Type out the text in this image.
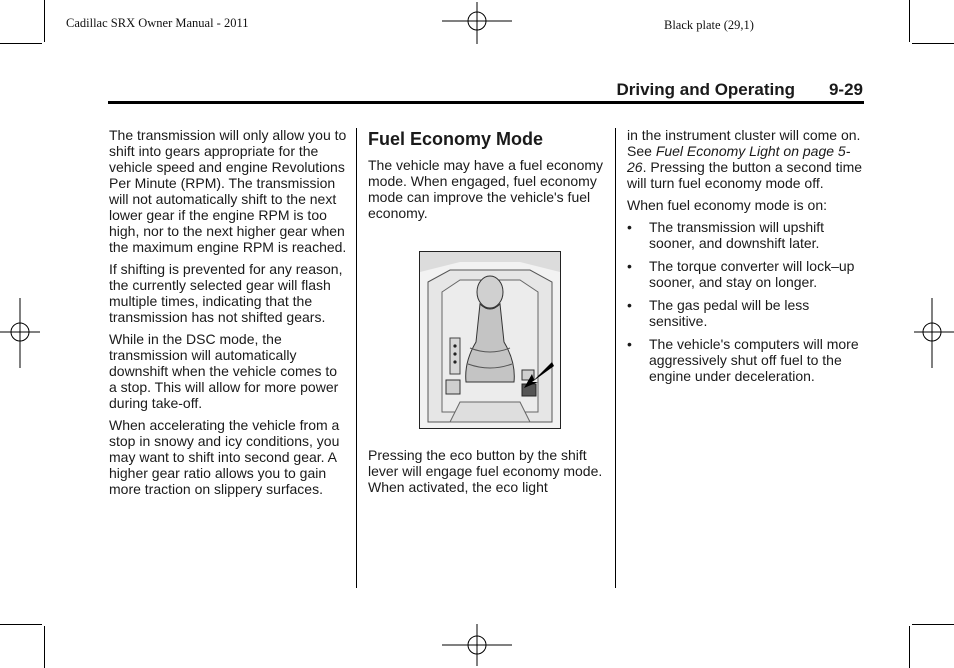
Cadillac SRX Owner Manual - 2011	Black plate (29,1)
Driving and Operating 9-29

The transmission will only allow you to shift into gears appropriate for the vehicle speed and engine Revolutions Per Minute (RPM). The transmission will not automatically shift to the next lower gear if the engine RPM is too high, nor to the next higher gear when the maximum engine RPM is reached.

If shifting is prevented for any reason, the currently selected gear will flash multiple times, indicating that the transmission has not shifted gears.

While in the DSC mode, the transmission will automatically downshift when the vehicle comes to a stop. This will allow for more power during take-off.

When accelerating the vehicle from a stop in snowy and icy conditions, you may want to shift into second gear. A higher gear ratio allows you to gain more traction on slippery surfaces.

Fuel Economy Mode

The vehicle may have a fuel economy mode. When engaged, fuel economy mode can improve the vehicle's fuel economy.

Pressing the eco button by the shift lever will engage fuel economy mode. When activated, the eco light

in the instrument cluster will come on. See Fuel Economy Light on page 5-26. Pressing the button a second time will turn fuel economy mode off.

When fuel economy mode is on:

• The transmission will upshift sooner, and downshift later.
• The torque converter will lock–up sooner, and stay on longer.
• The gas pedal will be less sensitive.
• The vehicle's computers will more aggressively shut off fuel to the engine under deceleration.
